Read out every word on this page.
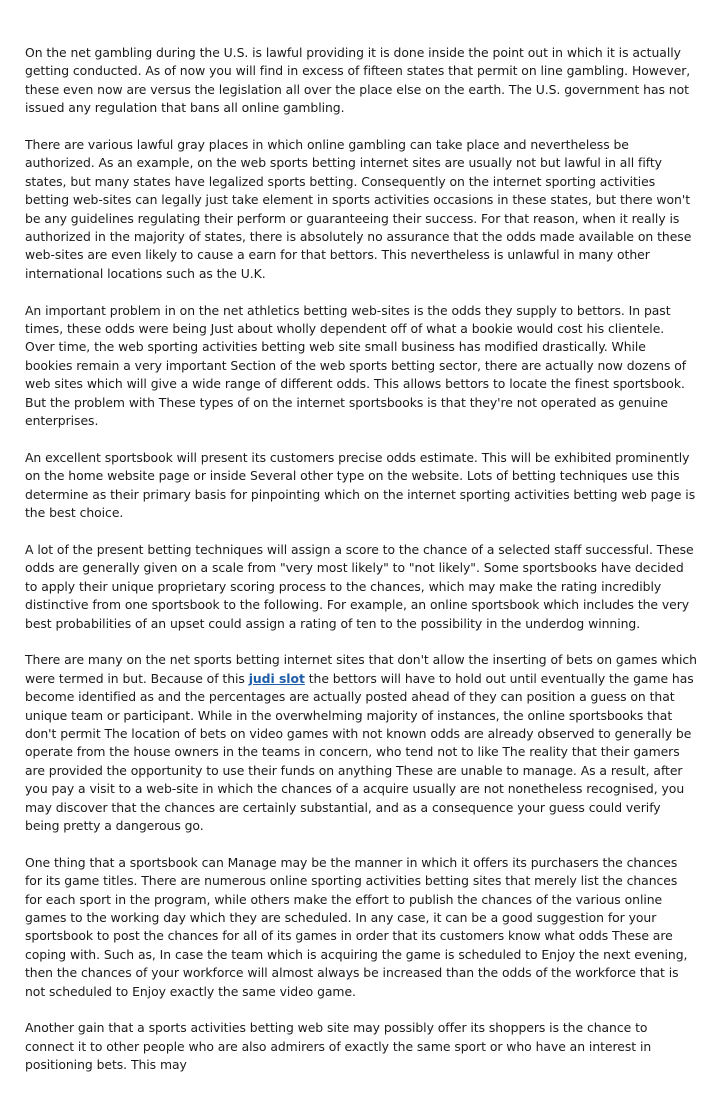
On the net gambling during the U.S. is lawful providing it is done inside the point out in which it is actually getting conducted. As of now you will find in excess of fifteen states that permit on line gambling. However, these even now are versus the legislation all over the place else on the earth. The U.S. government has not issued any regulation that bans all online gambling.

There are various lawful gray places in which online gambling can take place and nevertheless be authorized. As an example, on the web sports betting internet sites are usually not but lawful in all fifty states, but many states have legalized sports betting. Consequently on the internet sporting activities betting web-sites can legally just take element in sports activities occasions in these states, but there won't be any guidelines regulating their perform or guaranteeing their success. For that reason, when it really is authorized in the majority of states, there is absolutely no assurance that the odds made available on these web-sites are even likely to cause a earn for that bettors. This nevertheless is unlawful in many other international locations such as the U.K.

An important problem in on the net athletics betting web-sites is the odds they supply to bettors. In past times, these odds were being Just about wholly dependent off of what a bookie would cost his clientele. Over time, the web sporting activities betting web site small business has modified drastically. While bookies remain a very important Section of the web sports betting sector, there are actually now dozens of web sites which will give a wide range of different odds. This allows bettors to locate the finest sportsbook. But the problem with These types of on the internet sportsbooks is that they're not operated as genuine enterprises.

An excellent sportsbook will present its customers precise odds estimate. This will be exhibited prominently on the home website page or inside Several other type on the website. Lots of betting techniques use this determine as their primary basis for pinpointing which on the internet sporting activities betting web page is the best choice.

A lot of the present betting techniques will assign a score to the chance of a selected staff successful. These odds are generally given on a scale from "very most likely" to "not likely". Some sportsbooks have decided to apply their unique proprietary scoring process to the chances, which may make the rating incredibly distinctive from one sportsbook to the following. For example, an online sportsbook which includes the very best probabilities of an upset could assign a rating of ten to the possibility in the underdog winning.

There are many on the net sports betting internet sites that don't allow the inserting of bets on games which were termed in but. Because of this judi slot the bettors will have to hold out until eventually the game has become identified as and the percentages are actually posted ahead of they can position a guess on that unique team or participant. While in the overwhelming majority of instances, the online sportsbooks that don't permit The location of bets on video games with not known odds are already observed to generally be operate from the house owners in the teams in concern, who tend not to like The reality that their gamers are provided the opportunity to use their funds on anything These are unable to manage. As a result, after you pay a visit to a web-site in which the chances of a acquire usually are not nonetheless recognised, you may discover that the chances are certainly substantial, and as a consequence your guess could verify being pretty a dangerous go.

One thing that a sportsbook can Manage may be the manner in which it offers its purchasers the chances for its game titles. There are numerous online sporting activities betting sites that merely list the chances for each sport in the program, while others make the effort to publish the chances of the various online games to the working day which they are scheduled. In any case, it can be a good suggestion for your sportsbook to post the chances for all of its games in order that its customers know what odds These are coping with. Such as, In case the team which is acquiring the game is scheduled to Enjoy the next evening, then the chances of your workforce will almost always be increased than the odds of the workforce that is not scheduled to Enjoy exactly the same video game.

Another gain that a sports activities betting web site may possibly offer its shoppers is the chance to connect it to other people who are also admirers of exactly the same sport or who have an interest in positioning bets. This may
